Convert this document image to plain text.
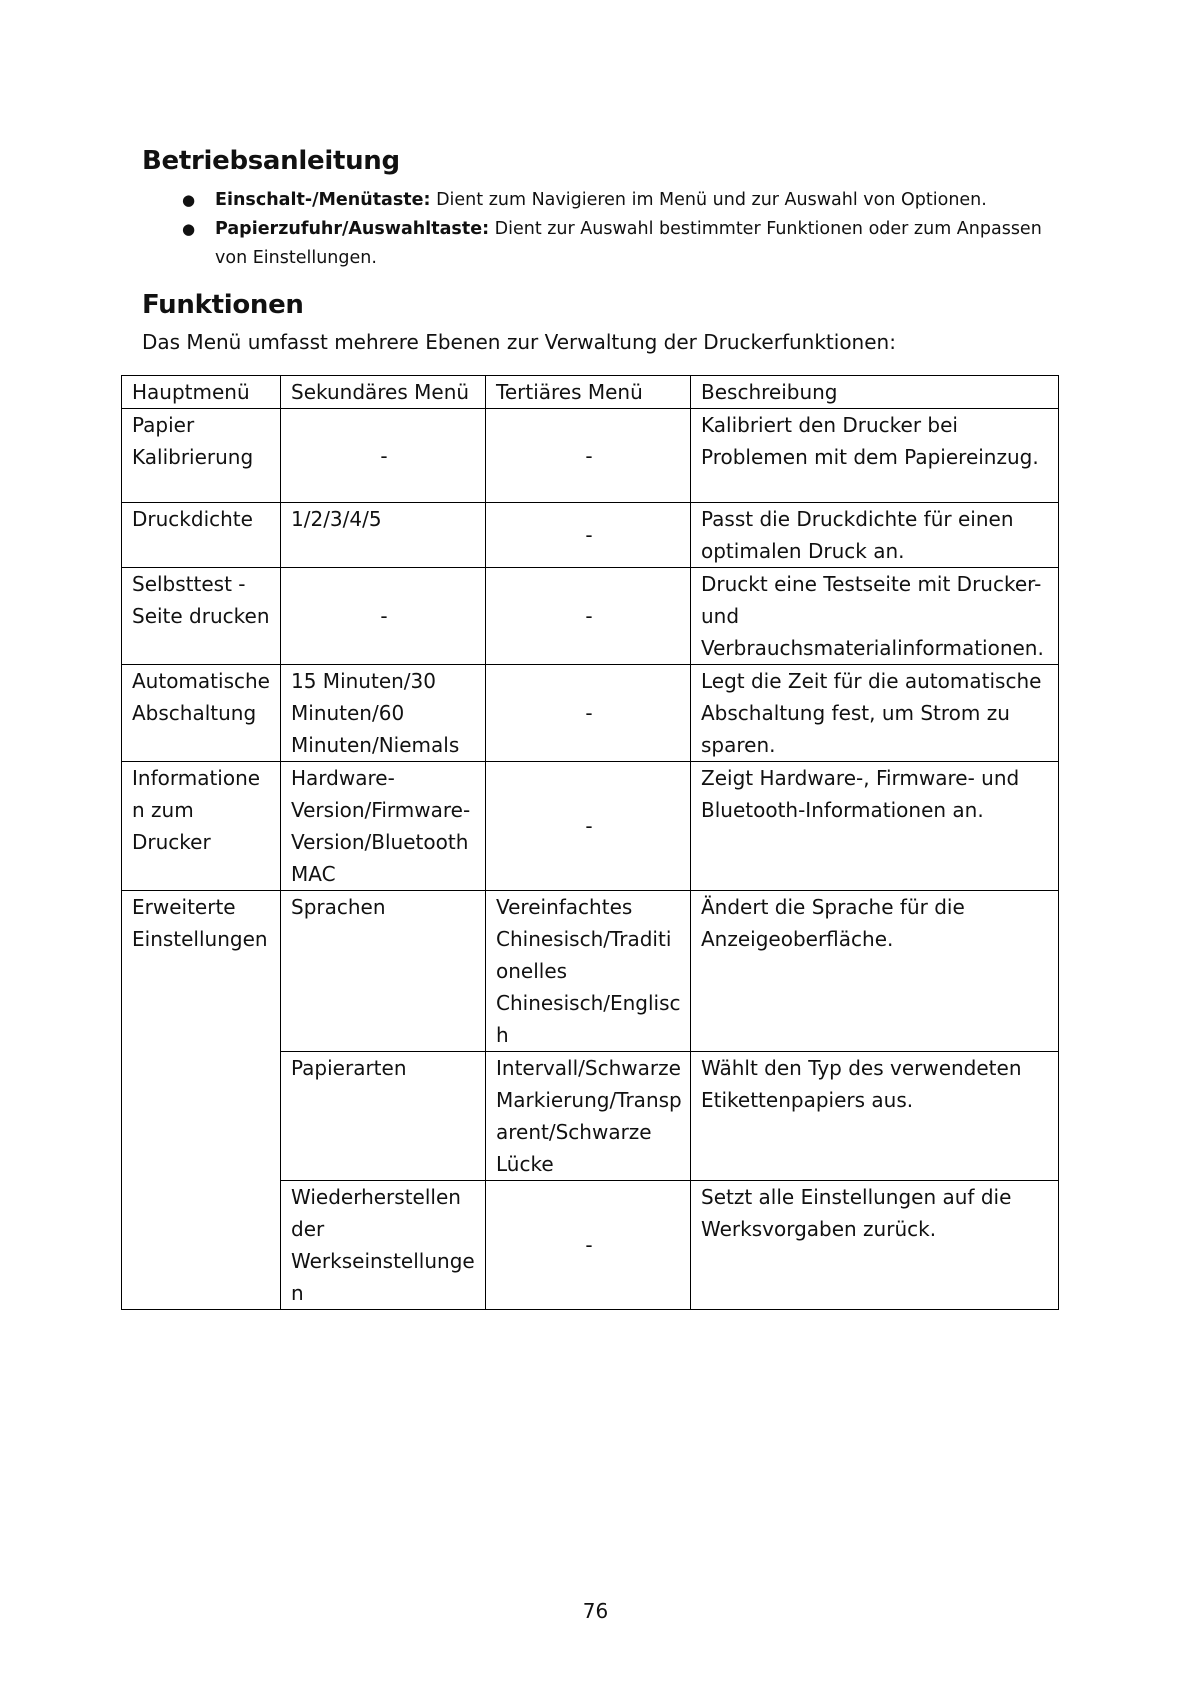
Betriebsanleitung
● Einschalt-/Menütaste: Dient zum Navigieren im Menü und zur Auswahl von Optionen.
● Papierzufuhr/Auswahltaste: Dient zur Auswahl bestimmter Funktionen oder zum Anpassen von Einstellungen.
Funktionen

Das Menü umfasst mehrere Ebenen zur Verwaltung der Druckerfunktionen:

Hauptmenü	Sekundäres Menü	Tertiäres Menü	Beschreibung
Papier Kalibrierung	-	-	Kalibriert den Drucker bei Problemen mit dem Papiereinzug.
Druckdichte	1/2/3/4/5	-	Passt die Druckdichte für einen optimalen Druck an.
Selbsttest - Seite drucken	-	-	Druckt eine Testseite mit Drucker- und Verbrauchsmaterialinformationen.
Automatische Abschaltung	15 Minuten/30 Minuten/60 Minuten/Niemals	-	Legt die Zeit für die automatische Abschaltung fest, um Strom zu sparen.
Informationen zum Drucker	Hardware-Version/Firmware-Version/Bluetooth MAC	-	Zeigt Hardware-, Firmware- und Bluetooth-Informationen an.
Erweiterte Einstellungen	Sprachen	Vereinfachtes Chinesisch/Traditionelles Chinesisch/Englisch	Ändert die Sprache für die Anzeigeoberfläche.
	Papierarten	Intervall/Schwarze Markierung/Transparent/Schwarze Lücke	Wählt den Typ des verwendeten Etikettenpapiers aus.
	Wiederherstellen der Werkseinstellungen	-	Setzt alle Einstellungen auf die Werksvorgaben zurück.
76
